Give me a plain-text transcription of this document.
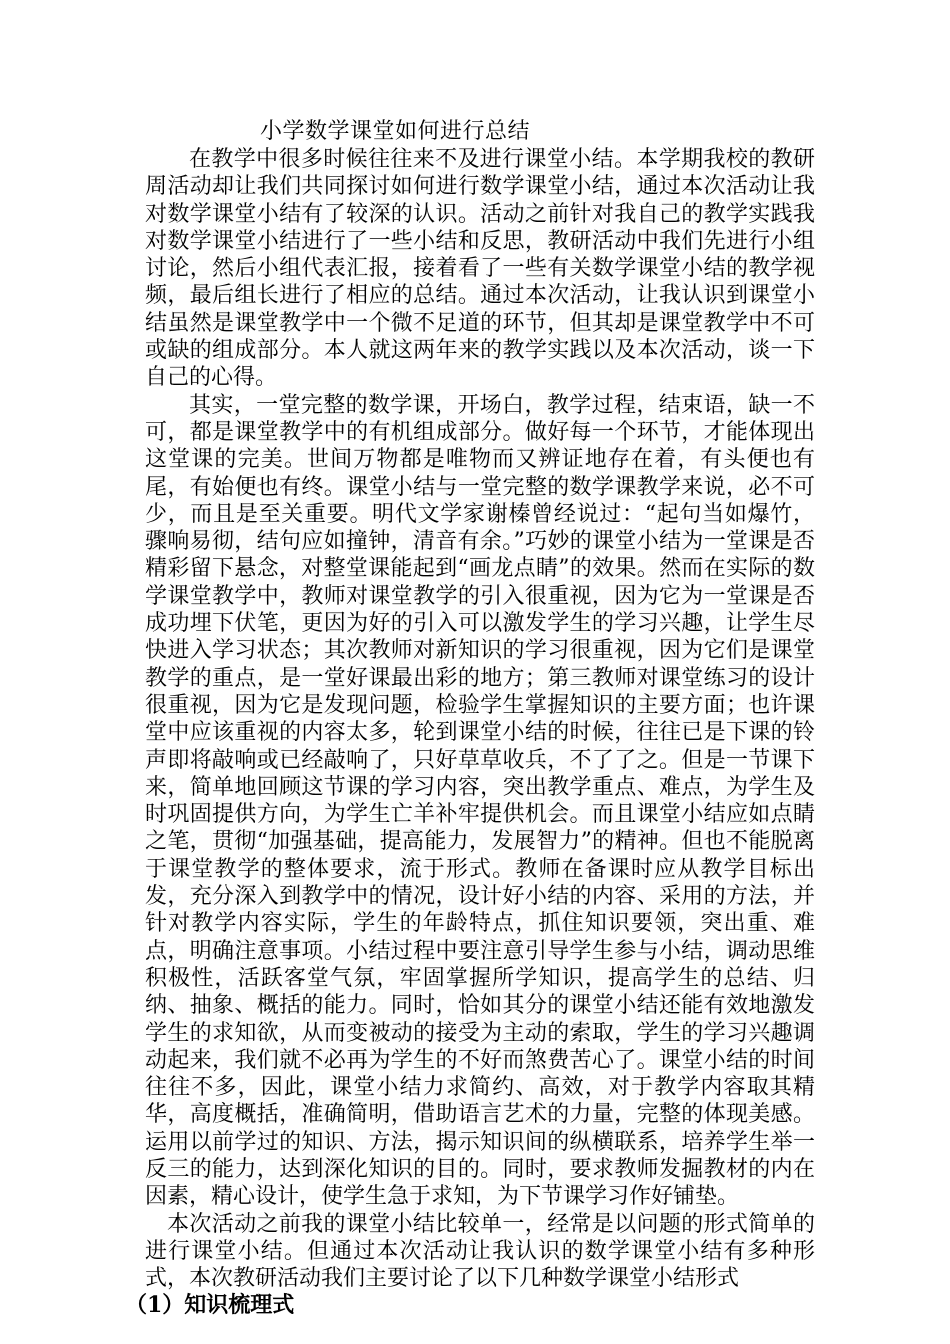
小学数学课堂如何进行总结

在教学中很多时候往往来不及进行课堂小结。本学期我校的教研周活动却让我们共同探讨如何进行数学课堂小结，通过本次活动让我对数学课堂小结有了较深的认识。活动之前针对我自己的教学实践我对数学课堂小结进行了一些小结和反思，教研活动中我们先进行小组讨论，然后小组代表汇报，接着看了一些有关数学课堂小结的教学视频，最后组长进行了相应的总结。通过本次活动，让我认识到课堂小结虽然是课堂教学中一个微不足道的环节，但其却是课堂教学中不可或缺的组成部分。本人就这两年来的教学实践以及本次活动，谈一下自己的心得。

其实，一堂完整的数学课，开场白，教学过程，结束语，缺一不可，都是课堂教学中的有机组成部分。做好每一个环节，才能体现出这堂课的完美。世间万物都是唯物而又辨证地存在着，有头便也有尾，有始便也有终。课堂小结与一堂完整的数学课教学来说，必不可少，而且是至关重要。明代文学家谢榛曾经说过：“起句当如爆竹，骤响易彻，结句应如撞钟，清音有余。”巧妙的课堂小结为一堂课是否精彩留下悬念，对整堂课能起到“画龙点睛”的效果。然而在实际的数学课堂教学中，教师对课堂教学的引入很重视，因为它为一堂课是否成功埋下伏笔，更因为好的引入可以激发学生的学习兴趣，让学生尽快进入学习状态；其次教师对新知识的学习很重视，因为它们是课堂教学的重点，是一堂好课最出彩的地方；第三教师对课堂练习的设计很重视，因为它是发现问题，检验学生掌握知识的主要方面；也许课堂中应该重视的内容太多，轮到课堂小结的时候，往往已是下课的铃声即将敲响或已经敲响了，只好草草收兵，不了了之。但是一节课下来，简单地回顾这节课的学习内容，突出教学重点、难点，为学生及时巩固提供方向，为学生亡羊补牢提供机会。而且课堂小结应如点睛之笔，贯彻“加强基础，提高能力，发展智力”的精神。但也不能脱离于课堂教学的整体要求，流于形式。教师在备课时应从教学目标出发，充分深入到教学中的情况，设计好小结的内容、采用的方法，并针对教学内容实际，学生的年龄特点，抓住知识要领，突出重、难点，明确注意事项。小结过程中要注意引导学生参与小结，调动思维积极性，活跃客堂气氛，牢固掌握所学知识，提高学生的总结、归纳、抽象、概括的能力。同时，恰如其分的课堂小结还能有效地激发学生的求知欲，从而变被动的接受为主动的索取，学生的学习兴趣调动起来，我们就不必再为学生的不好而煞费苦心了。课堂小结的时间往往不多，因此，课堂小结力求简约、高效，对于教学内容取其精华，高度概括，准确简明，借助语言艺术的力量，完整的体现美感。运用以前学过的知识、方法，揭示知识间的纵横联系，培养学生举一反三的能力，达到深化知识的目的。同时，要求教师发掘教材的内在因素，精心设计，使学生急于求知，为下节课学习作好铺垫。

本次活动之前我的课堂小结比较单一，经常是以问题的形式简单的进行课堂小结。但通过本次活动让我认识的数学课堂小结有多种形式，本次教研活动我们主要讨论了以下几种数学课堂小结形式

（1）知识梳理式
